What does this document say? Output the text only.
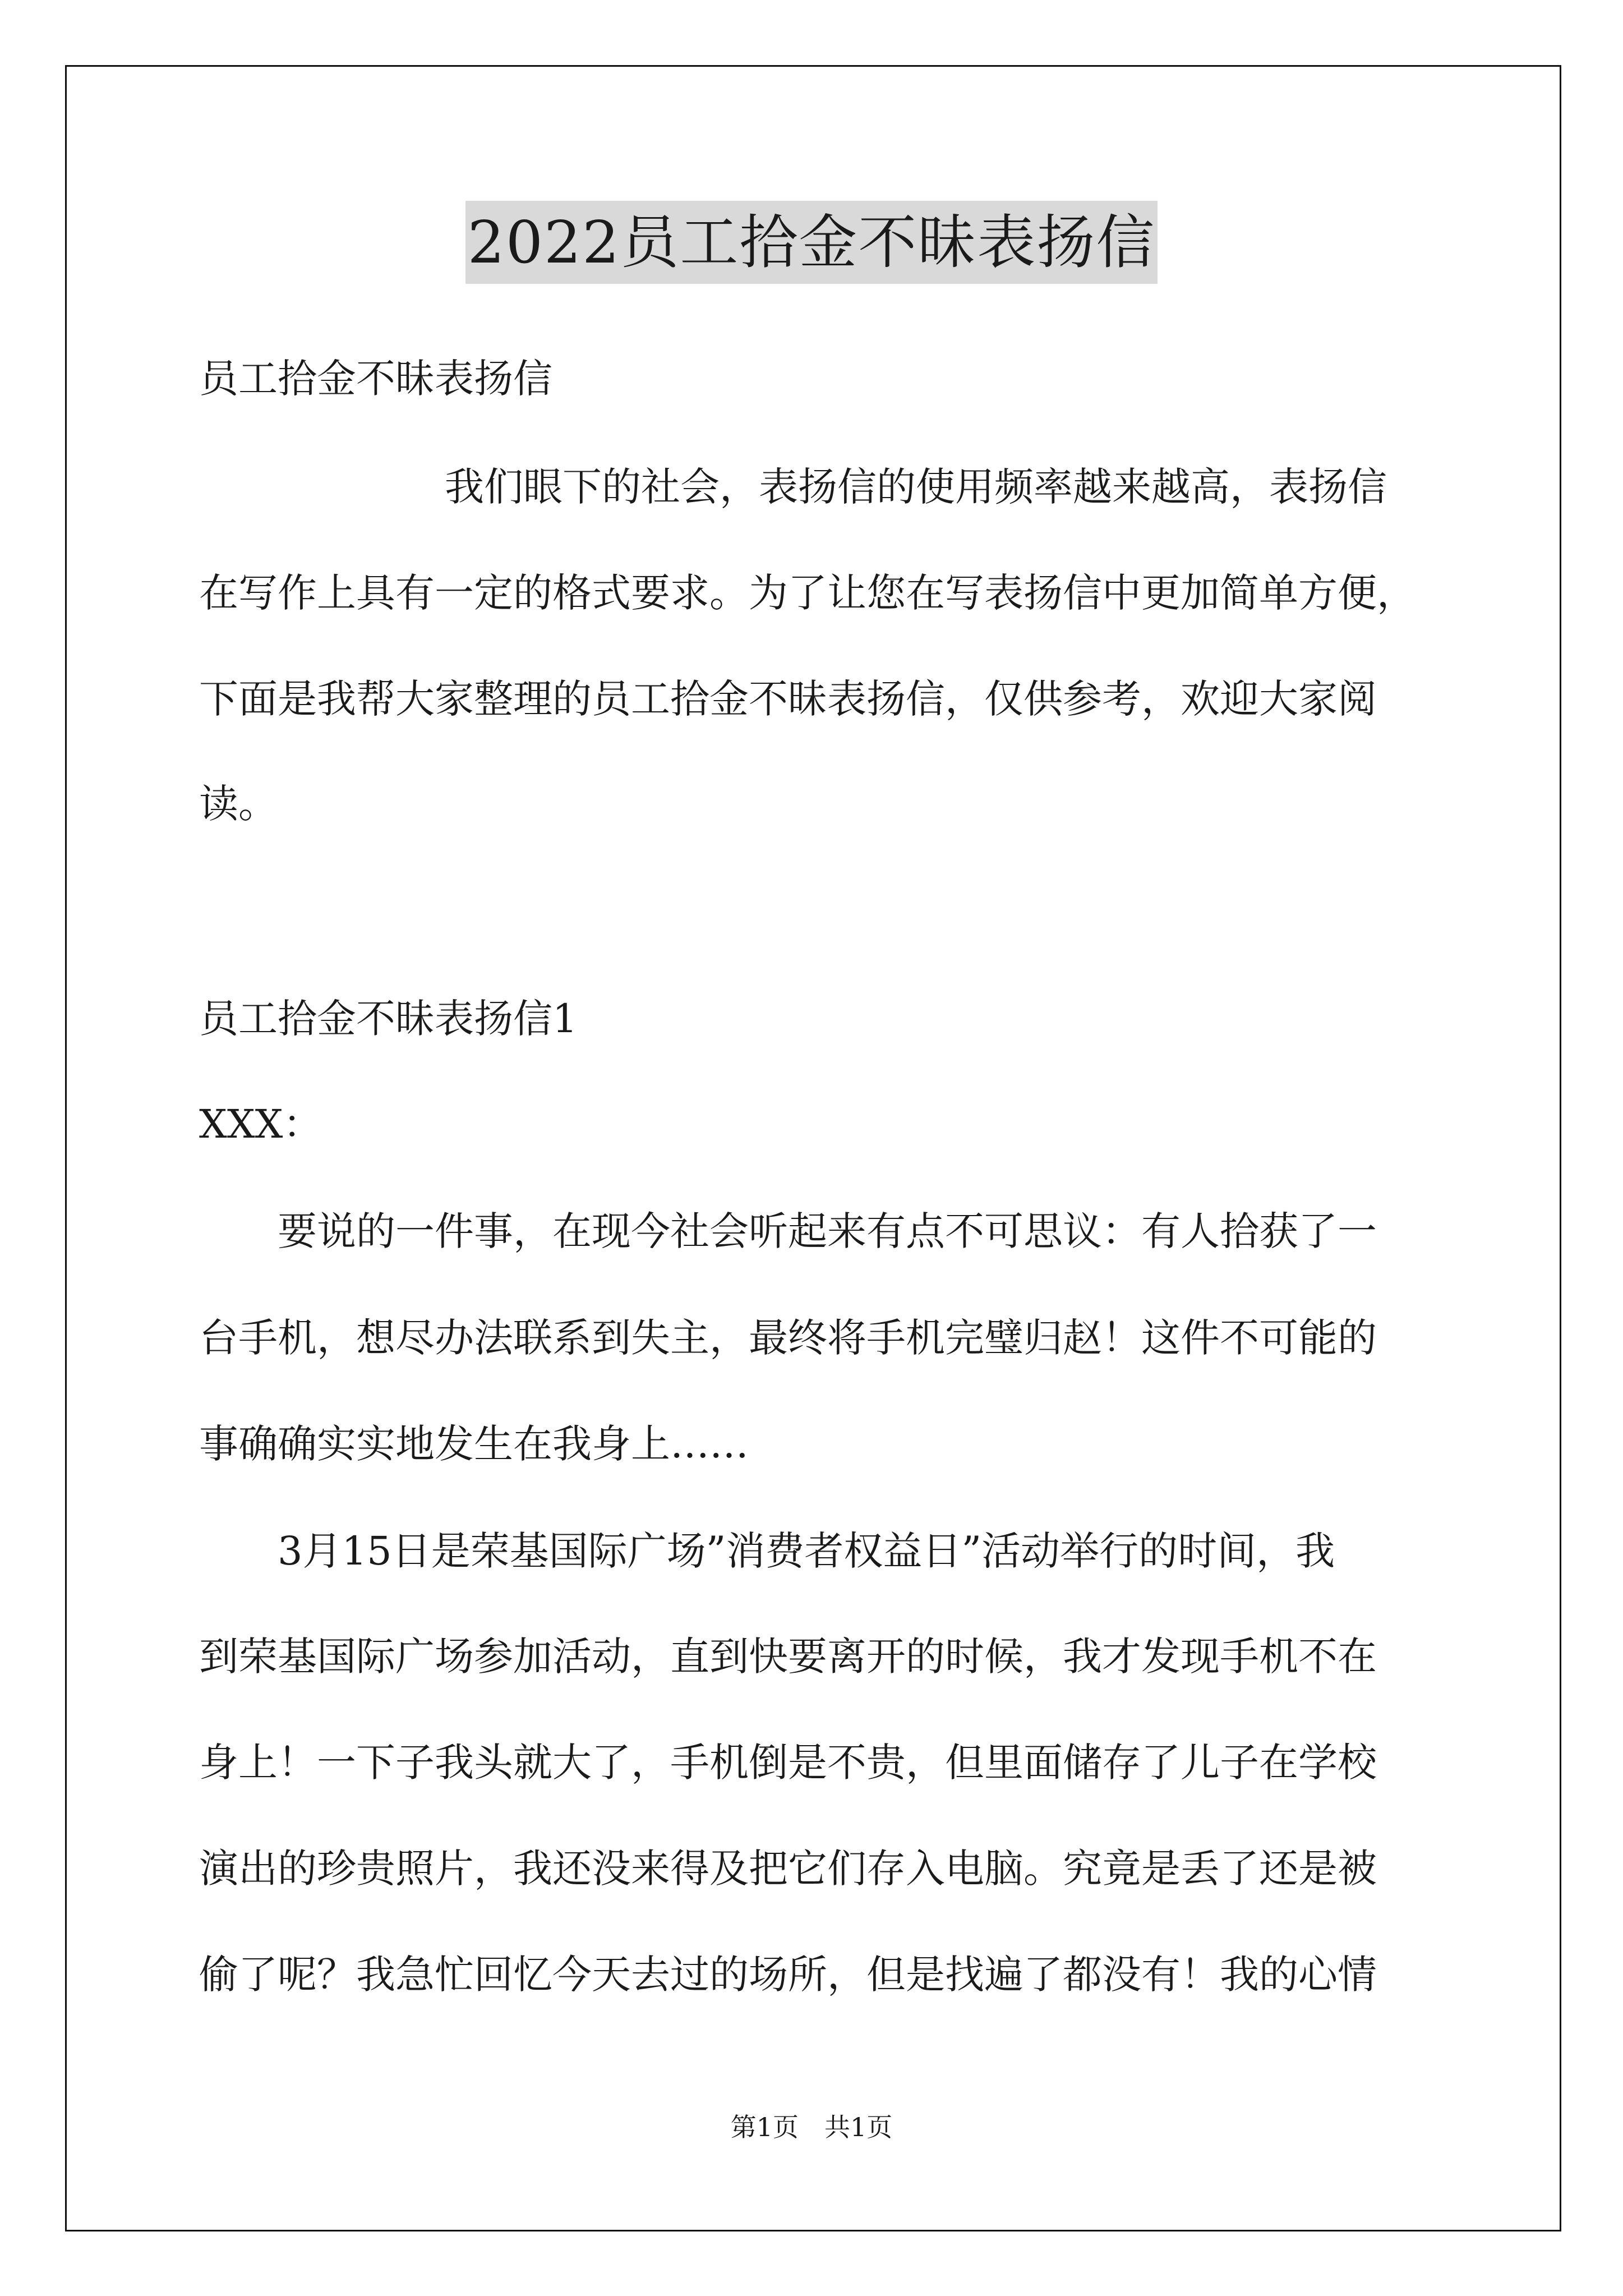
2022员工拾金不昧表扬信

员工拾金不昧表扬信

我们眼下的社会，表扬信的使用频率越来越高，表扬信

在写作上具有一定的格式要求。为了让您在写表扬信中更加简单方便，

下面是我帮大家整理的员工拾金不昧表扬信，仅供参考，欢迎大家阅

读。

员工拾金不昧表扬信1

XXX：

要说的一件事，在现今社会听起来有点不可思议：有人拾获了一

台手机，想尽办法联系到失主，最终将手机完璧归赵！这件不可能的

事确确实实地发生在我身上……

3月15日是荣基国际广场”消费者权益日”活动举行的时间，我

到荣基国际广场参加活动，直到快要离开的时候，我才发现手机不在

身上！一下子我头就大了，手机倒是不贵，但里面储存了儿子在学校

演出的珍贵照片，我还没来得及把它们存入电脑。究竟是丢了还是被

偷了呢？我急忙回忆今天去过的场所，但是找遍了都没有！我的心情

第1页　共1页
